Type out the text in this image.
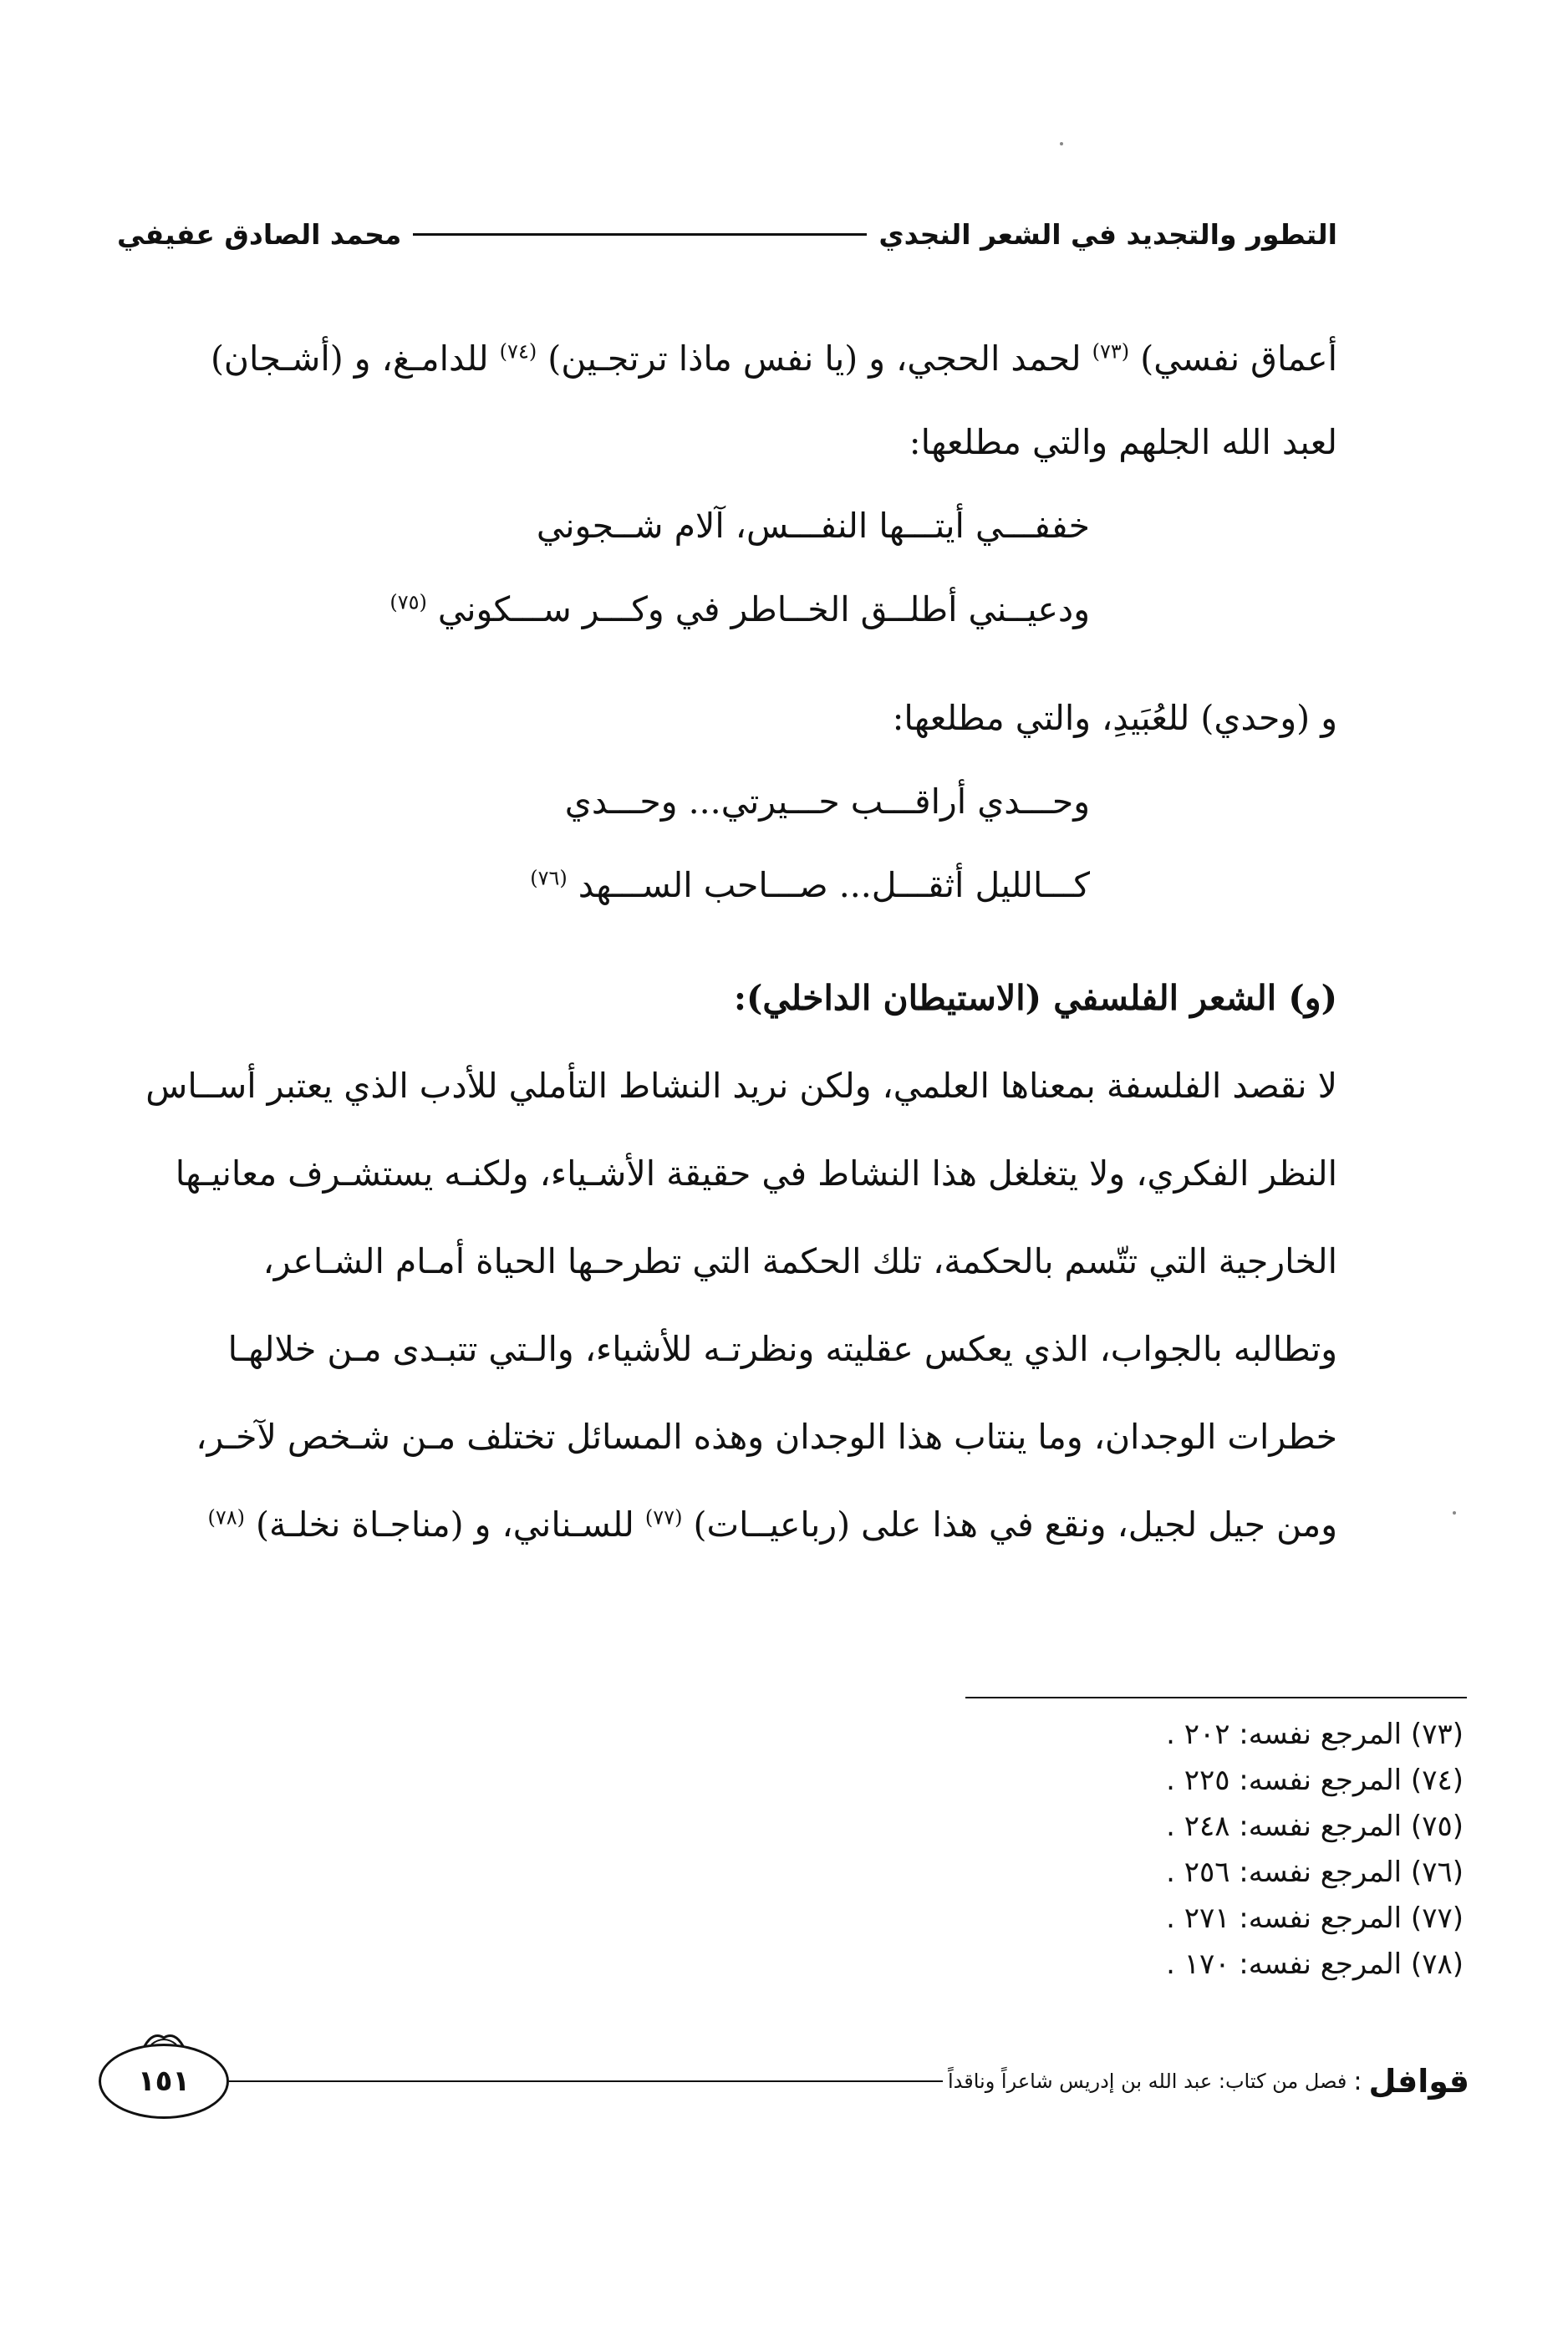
التطور والتجديد في الشعر النجدي
محمد الصادق عفيفي
أعماق نفسي) $^{(٧٣)}$ لحمد الحجي، و (يا نفس ماذا ترتجـين) $^{(٧٤)}$ للدامـغ، و (أشـجان)
لعبد الله الجلهم والتي مطلعها:
خففـــي أيتـــها النفـــس، آلام شــجوني
ودعيــني أطلــق الخــاطر في وكـــر ســـكوني $^{(٧٥)}$
و (وحدي) للعُبَيدِ، والتي مطلعها:
وحـــدي أراقـــب حـــيرتي... وحـــدي
كـــالليل أثقـــل... صـــاحب الســـهد $^{(٧٦)}$
(و) الشعر الفلسفي (الاستيطان الداخلي):
لا نقصد الفلسفة بمعناها العلمي، ولكن نريد النشاط التأملي للأدب الذي يعتبر أســاس
النظر الفكري، ولا يتغلغل هذا النشاط في حقيقة الأشـياء، ولكنـه يستشـرف معانيـها
الخارجية التي تتّسم بالحكمة، تلك الحكمة التي تطرحـها الحياة أمـام الشـاعر،
وتطالبه بالجواب، الذي يعكس عقليته ونظرتـه للأشياء، والـتي تتبـدى مـن خلالهـا
خطرات الوجدان، وما ينتاب هذا الوجدان وهذه المسائل تختلف مـن شـخص لآخـر،
ومن جيل لجيل، ونقع في هذا على (رباعيــات) $^{(٧٧)}$ للسـناني، و (مناجـاة نخلـة) $^{(٧٨)}$
(٧٣) المرجع نفسه: ٢٠٢ .
(٧٤) المرجع نفسه: ٢٢٥ .
(٧٥) المرجع نفسه: ٢٤٨ .
(٧٦) المرجع نفسه: ٢٥٦ .
(٧٧) المرجع نفسه: ٢٧١ .
(٧٨) المرجع نفسه: ١٧٠ .
قوافل
:
فصل من كتاب: عبد الله بن إدريس شاعراً وناقداً
١٥١
